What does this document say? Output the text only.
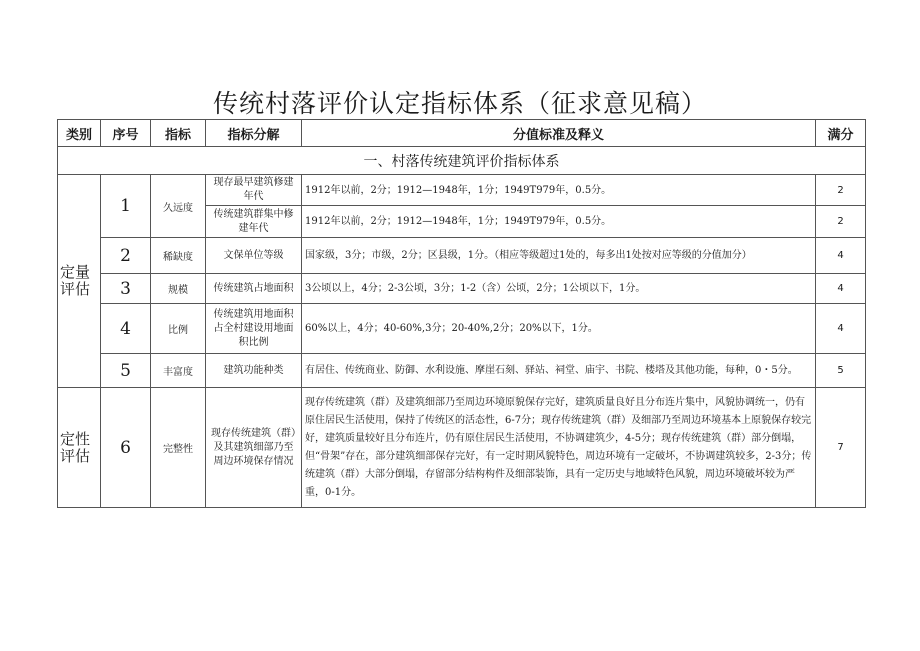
传统村落评价认定指标体系（征求意见稿）
类别	序号	指标	指标分解	分值标准及释义	满分
一、村落传统建筑评价指标体系					

定量评估	1	久远度	现存最早建筑修建年代	1912年以前，2分；1912—1948年，1分；1949T979年，0.5分。	2
			传统建筑群集中修建年代	1912年以前，2分；1912—1948年，1分；1949T979年，0.5分。	2
	2	稀缺度	文保单位等级	国家级，3分；市级，2分；区县级，1分。（相应等级超过1处的，每多出1处按对应等级的分值加分）	4
	3	规模	传统建筑占地面积	3公顷以上，4分；2-3公顷，3分；1-2（含）公顷，2分；1公顷以下，1分。	4
	4	比例	传统建筑用地面积占全村建设用地面积比例	60%以上，4分；40-60%,3分；20-40%,2分；20%以下，1分。	4
	5	丰富度	建筑功能种类	有居住、传统商业、防御、水利设施、摩崖石刻、驿站、祠堂、庙宇、书院、楼塔及其他功能，每种，0・5分。	5

定性评估	6	完整性	现存传统建筑（群）及其建筑细部乃至周边环境保存情况	现存传统建筑（群）及建筑细部乃至周边环境原貌保存完好，建筑质量良好且分布连片集中，风貌协调统一，仍有原住居民生活使用，保持了传统区的活态性，6-7分；现存传统建筑（群）及细部乃至周边环境基本上原貌保存较完好，建筑质量较好且分布连片，仍有原住居民生活使用，不协调建筑少，4-5分；现存传统建筑（群）部分倒塌，但“骨架”存在，部分建筑细部保存完好，有一定时期风貌特色，周边环境有一定破坏，不协调建筑较多，2-3分；传统建筑（群）大部分倒塌，存留部分结构构件及细部装饰，具有一定历史与地域特色风貌，周边环境破坏较为严重，0-1分。	7
